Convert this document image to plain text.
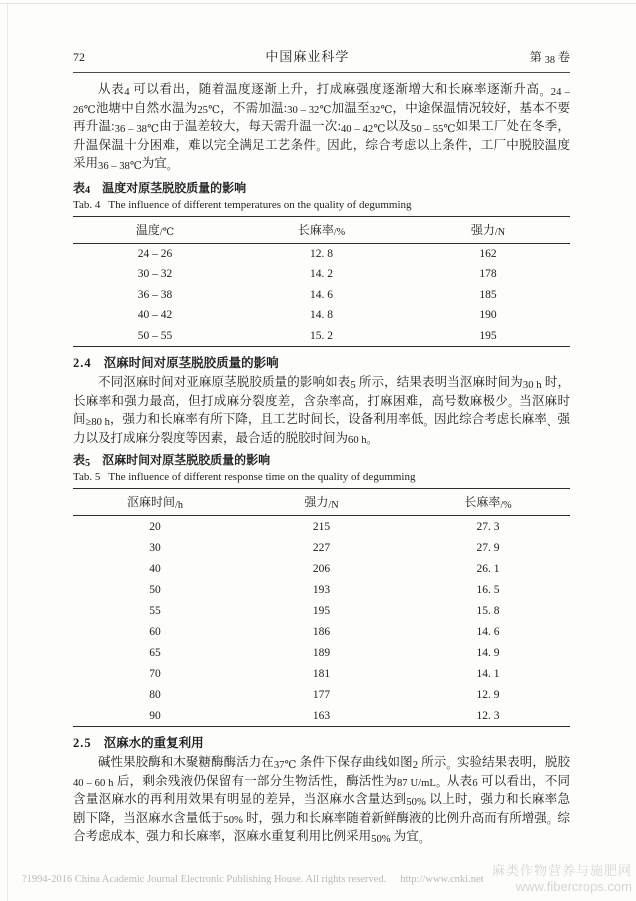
72	中国麻业科学	第 38 卷

从表4 可以看出，随着温度逐渐上升，打成麻强度逐渐增大和长麻率逐渐升高。24 – 26℃池塘中自然水温为25℃，不需加温:30 – 32℃加温至32℃，中途保温情况较好，基本不要再升温:36 – 38℃由于温差较大，每天需升温一次:40 – 42℃以及50 – 55℃如果工厂处在冬季，升温保温十分困难，难以完全满足工艺条件。因此，综合考虑以上条件，工厂中脱胶温度采用36 – 38℃为宜。

表4　温度对原茎脱胶质量的影响
Tab. 4   The influence of different temperatures on the quality of degumming
温度/℃	长麻率/%	强力/N
24 – 26	12. 8	162
30 – 32	14. 2	178
36 – 38	14. 6	185
40 – 42	14. 8	190
50 – 55	15. 2	195
2.4 沤麻时间对原茎脱胶质量的影响

不同沤麻时间对亚麻原茎脱胶质量的影响如表5 所示，结果表明当沤麻时间为30 h 时，长麻率和强力最高，但打成麻分裂度差，含杂率高，打麻困难，高号数麻极少。当沤麻时间≥80 h，强力和长麻率有所下降，且工艺时间长，设备利用率低。因此综合考虑长麻率、强力以及打成麻分裂度等因素，最合适的脱胶时间为60 h。

表5　沤麻时间对原茎脱胶质量的影响
Tab. 5   The influence of different response time on the quality of degumming
沤麻时间/h	强力/N	长麻率/%
20	215	27. 3
30	227	27. 9
40	206	26. 1
50	193	16. 5
55	195	15. 8
60	186	14. 6
65	189	14. 9
70	181	14. 1
80	177	12. 9
90	163	12. 3
2.5 沤麻水的重复利用

碱性果胶酶和木聚糖酶酶活力在37℃ 条件下保存曲线如图2 所示。实验结果表明，脱胶40 – 60 h 后，剩余残液仍保留有一部分生物活性，酶活性为87 U/mL。从表6 可以看出，不同含量沤麻水的再利用效果有明显的差异，当沤麻水含量达到50% 以上时，强力和长麻率急剧下降，当沤麻水含量低于50% 时，强力和长麻率随着新鲜酶液的比例升高而有所增强。综合考虑成本、强力和长麻率，沤麻水重复利用比例采用50% 为宜。

?1994-2016 China Academic Journal Electronic Publishing House. All rights reserved. http://www.cnki.net
麻类作物营养与施肥网
www.fibercrops.com
